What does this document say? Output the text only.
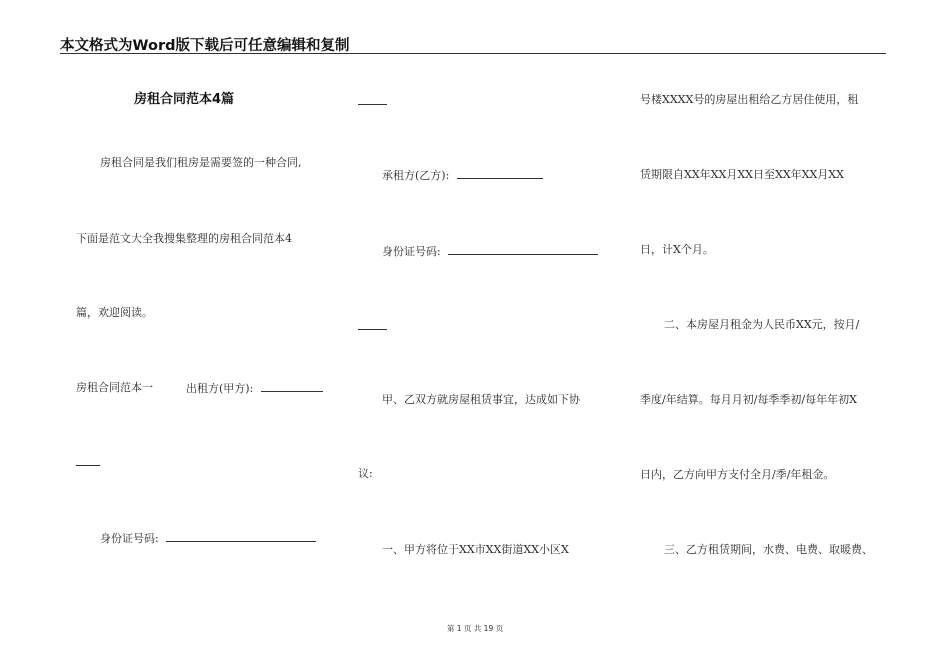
本文格式为Word版下载后可任意编辑和复制
房租合同范本4篇
房租合同是我们租房是需要签的一种合同,
下面是范文大全我搜集整理的房租合同范本4
篇，欢迎阅读。
房租合同范本一	出租方(甲方):
身份证号码:
承租方(乙方):
身份证号码:
甲、乙双方就房屋租赁事宜，达成如下协
议:
一、甲方将位于XX市XX街道XX小区X
号楼XXXX号的房屋出租给乙方居住使用，租
赁期限自XX年XX月XX日至XX年XX月XX
日，计X个月。
二、本房屋月租金为人民币XX元，按月/
季度/年结算。每月月初/每季季初/每年年初X
日内，乙方向甲方支付全月/季/年租金。
三、乙方租赁期间，水费、电费、取暖费、
第 1 页 共 19 页
